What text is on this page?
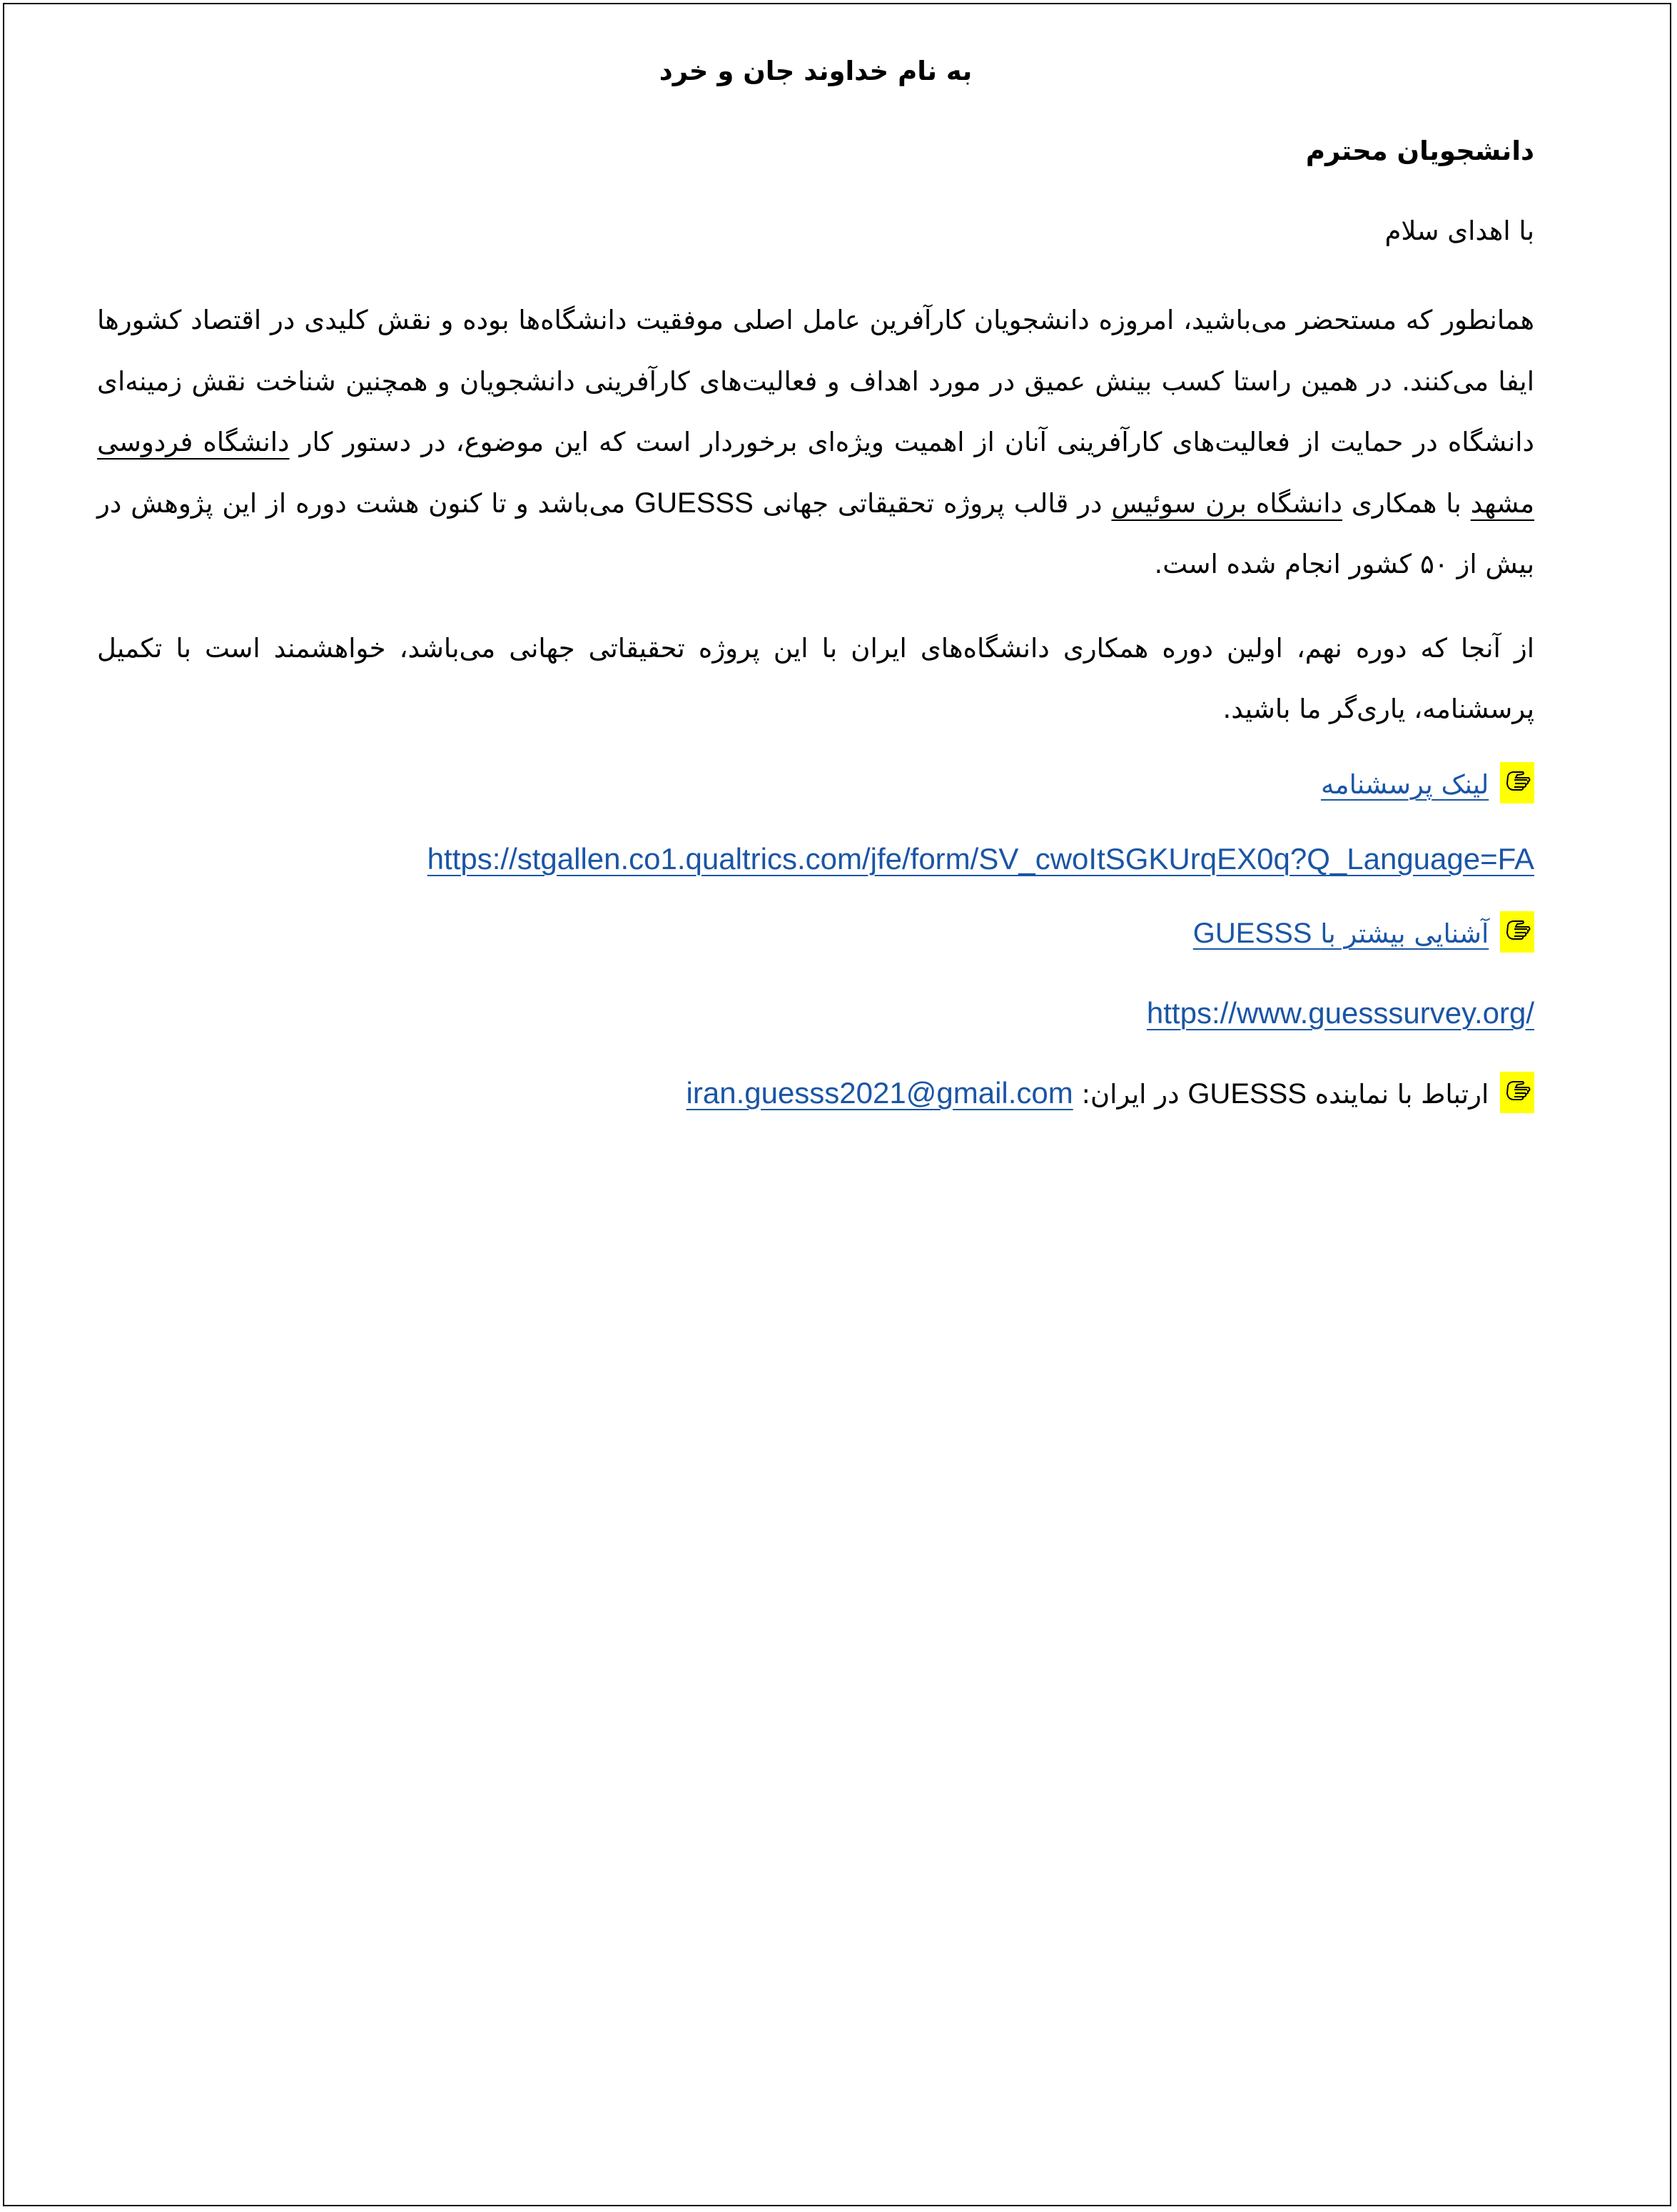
به نام خداوند جان و خرد
دانشجویان محترم
با اهدای سلام
همانطور که مستحضر می‌باشید، امروزه دانشجویان کارآفرین عامل اصلی موفقیت دانشگاه‌ها بوده و نقش کلیدی در اقتصاد کشورها ایفا می‌کنند. در همین راستا کسب بینش عمیق در مورد اهداف و فعالیت‌های کارآفرینی دانشجویان و همچنین شناخت نقش زمینه‌ای دانشگاه در حمایت از فعالیت‌های کارآفرینی آنان از اهمیت ویژه‌ای برخوردار است که این موضوع، در دستور کار دانشگاه فردوسی مشهد با همکاری دانشگاه برن سوئیس در قالب پروژه تحقیقاتی جهانی GUESSS می‌باشد و تا کنون هشت دوره از این پژوهش در بیش از ۵۰ کشور انجام شده است.
از آنجا که دوره نهم، اولین دوره همکاری دانشگاه‌های ایران با این پروژه تحقیقاتی جهانی می‌باشد، خواهشمند است با تکمیل پرسشنامه، یاری‌گر ما باشید.
لینک پرسشنامه
https://stgallen.co1.qualtrics.com/jfe/form/SV_cwoItSGKUrqEX0q?Q_Language=FA
آشنایی بیشتر با GUESSS
https://www.guesssurvey.org/
ارتباط با نماینده GUESSS در ایران: iran.guesss2021@gmail.com
